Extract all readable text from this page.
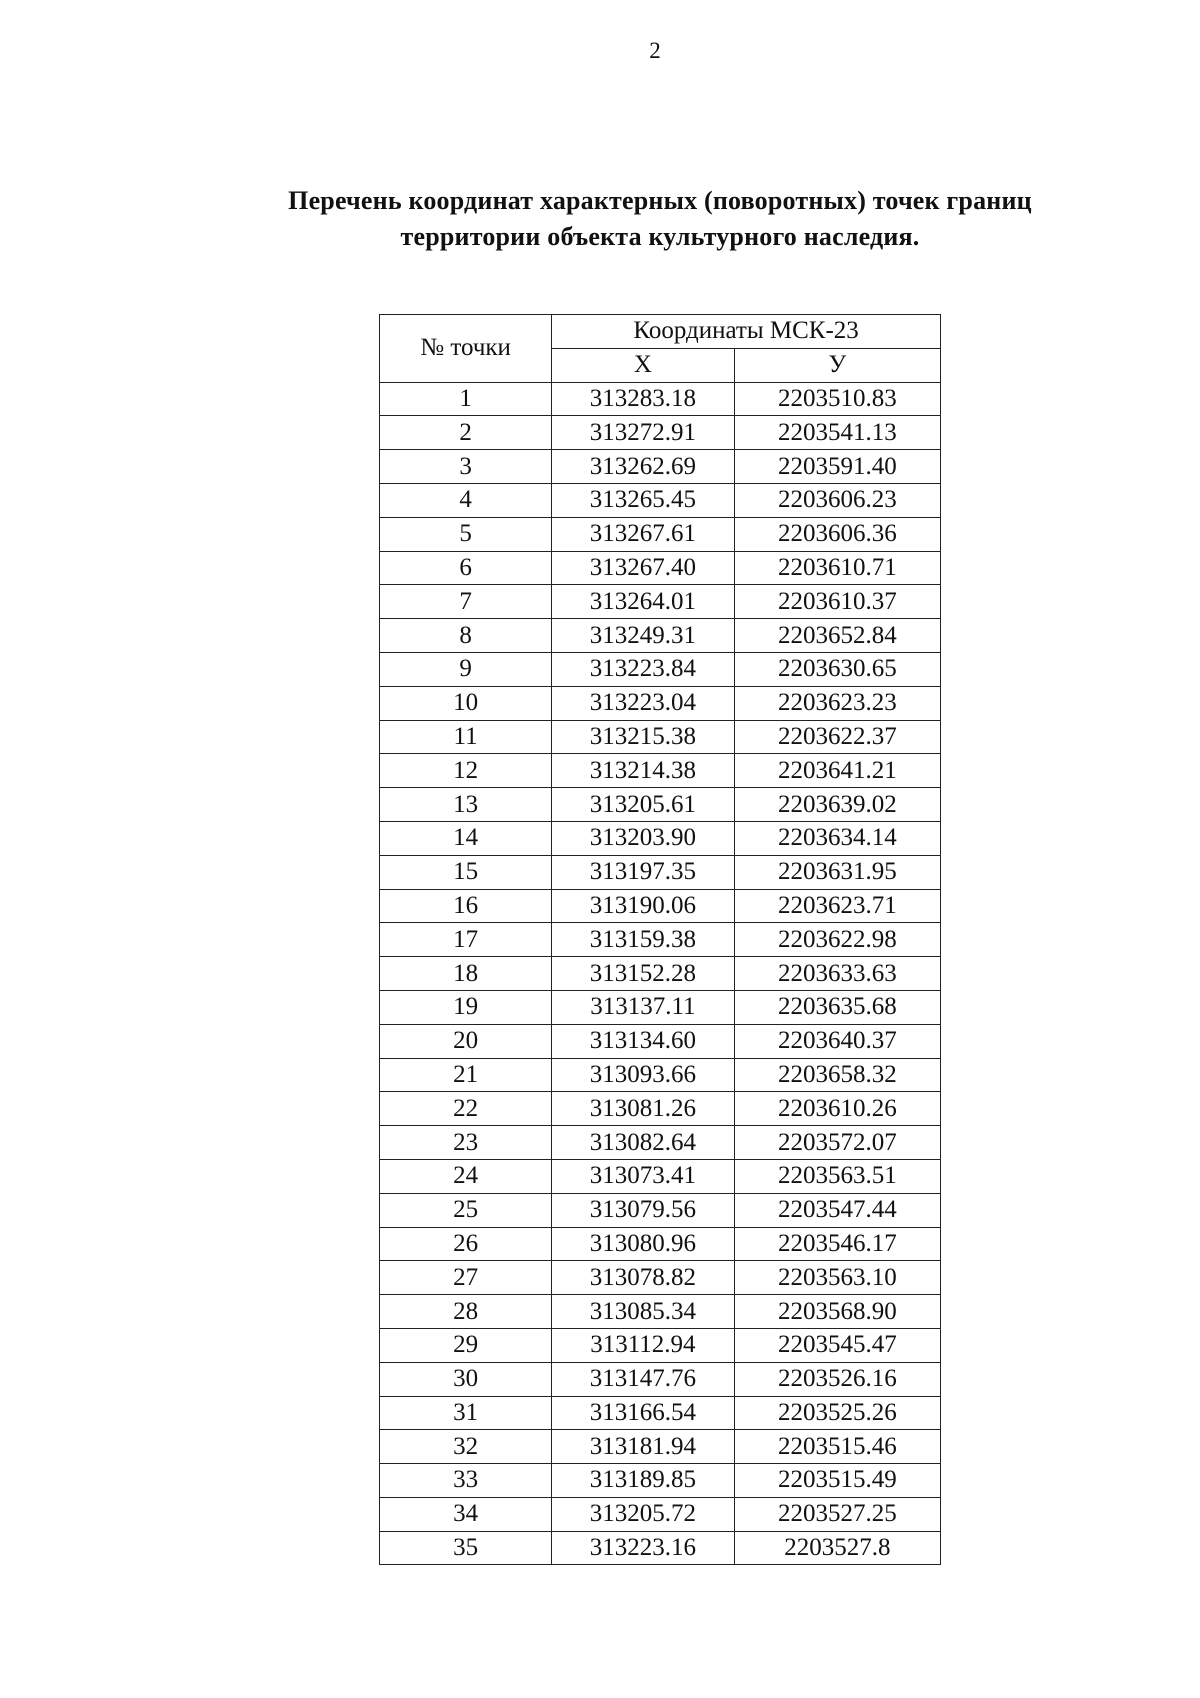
2
Перечень координат характерных (поворотных) точек границ
территории объекта культурного наследия.
№ точки	Координаты МСК-23	
	X	У
1	313283.18	2203510.83
2	313272.91	2203541.13
3	313262.69	2203591.40
4	313265.45	2203606.23
5	313267.61	2203606.36
6	313267.40	2203610.71
7	313264.01	2203610.37
8	313249.31	2203652.84
9	313223.84	2203630.65
10	313223.04	2203623.23
11	313215.38	2203622.37
12	313214.38	2203641.21
13	313205.61	2203639.02
14	313203.90	2203634.14
15	313197.35	2203631.95
16	313190.06	2203623.71
17	313159.38	2203622.98
18	313152.28	2203633.63
19	313137.11	2203635.68
20	313134.60	2203640.37
21	313093.66	2203658.32
22	313081.26	2203610.26
23	313082.64	2203572.07
24	313073.41	2203563.51
25	313079.56	2203547.44
26	313080.96	2203546.17
27	313078.82	2203563.10
28	313085.34	2203568.90
29	313112.94	2203545.47
30	313147.76	2203526.16
31	313166.54	2203525.26
32	313181.94	2203515.46
33	313189.85	2203515.49
34	313205.72	2203527.25
35	313223.16	2203527.8
